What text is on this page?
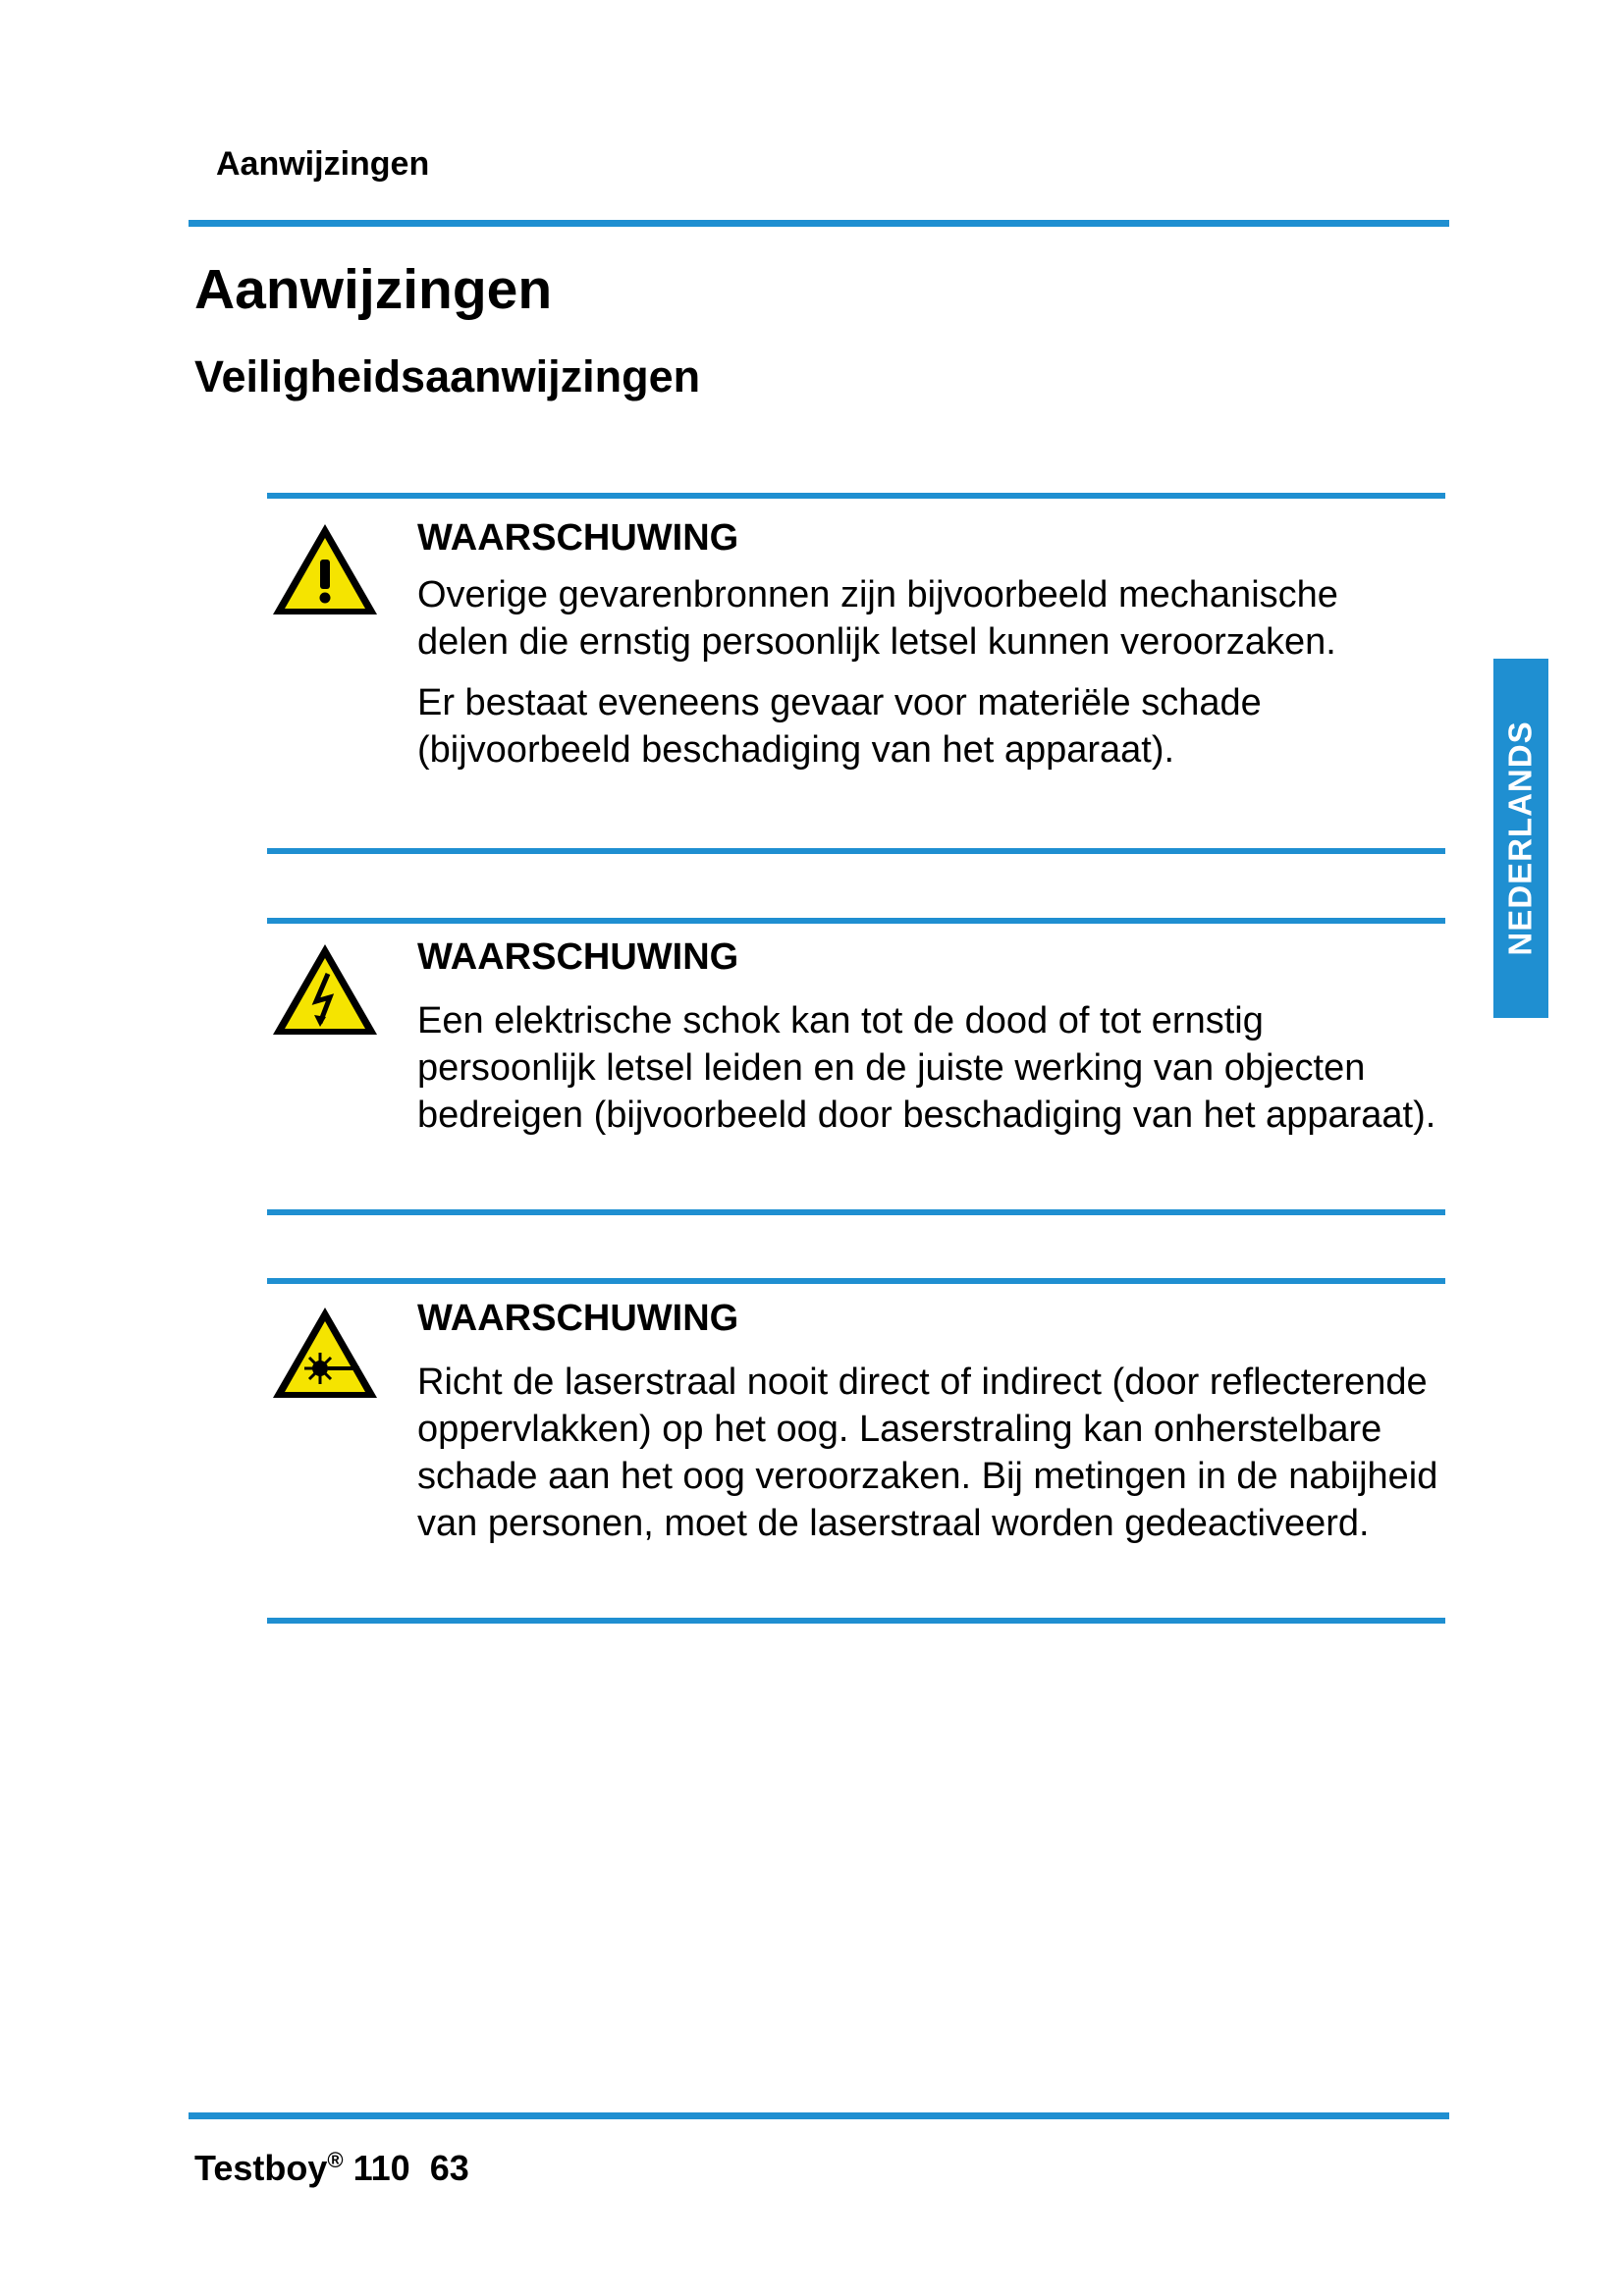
Aanwijzingen
Aanwijzingen
Veiligheidsaanwijzingen
NEDERLANDS
WAARSCHUWING

Overige gevarenbronnen zijn bijvoorbeeld mechanische delen die ernstig persoonlijk letsel kunnen veroorzaken.

Er bestaat eveneens gevaar voor materiële schade (bijvoorbeeld beschadiging van het apparaat).

WAARSCHUWING

Een elektrische schok kan tot de dood of tot ernstig persoonlijk letsel leiden en de juiste werking van objecten bedreigen (bijvoorbeeld door beschadiging van het apparaat).

WAARSCHUWING

Richt de laserstraal nooit direct of indirect (door reflecterende oppervlakken) op het oog. Laserstraling kan onherstelbare schade aan het oog veroorzaken. Bij metingen in de nabijheid van personen, moet de laserstraal worden gedeactiveerd.

Testboy® 110 63
